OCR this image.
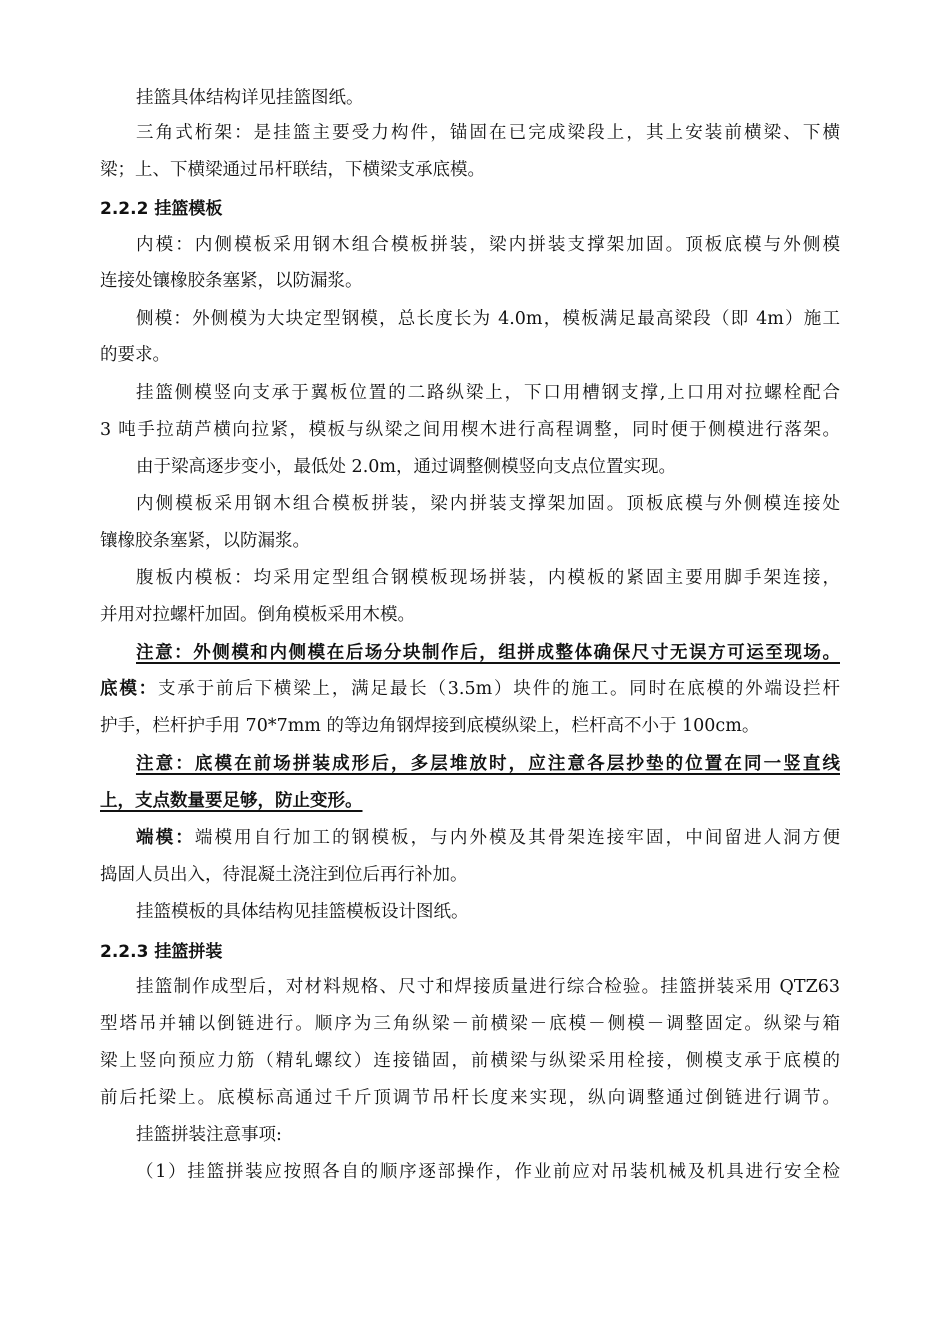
挂篮具体结构详见挂篮图纸。
三角式桁架：是挂篮主要受力构件，锚固在已完成梁段上，其上安装前横梁、下横
梁；上、下横梁通过吊杆联结，下横梁支承底模。
2.2.2 挂篮模板
内模：内侧模板采用钢木组合模板拼装，梁内拼装支撑架加固。顶板底模与外侧模
连接处镶橡胶条塞紧，以防漏浆。
侧模：外侧模为大块定型钢模，总长度长为 4.0m，模板满足最高梁段（即 4m）施工
的要求。
挂篮侧模竖向支承于翼板位置的二路纵梁上，下口用槽钢支撑,上口用对拉螺栓配合
3 吨手拉葫芦横向拉紧，模板与纵梁之间用楔木进行高程调整，同时便于侧模进行落架。
由于梁高逐步变小，最低处 2.0m，通过调整侧模竖向支点位置实现。
内侧模板采用钢木组合模板拼装，梁内拼装支撑架加固。顶板底模与外侧模连接处
镶橡胶条塞紧，以防漏浆。
腹板内模板：均采用定型组合钢模板现场拼装，内模板的紧固主要用脚手架连接，
并用对拉螺杆加固。倒角模板采用木模。
注意：外侧模和内侧模在后场分块制作后，组拼成整体确保尺寸无误方可运至现场。
底模：支承于前后下横梁上，满足最长（3.5m）块件的施工。同时在底模的外端设拦杆
护手，栏杆护手用 70*7mm 的等边角钢焊接到底模纵梁上，栏杆高不小于 100cm。
注意：底模在前场拼装成形后，多层堆放时，应注意各层抄垫的位置在同一竖直线
上，支点数量要足够，防止变形。
端模：端模用自行加工的钢模板，与内外模及其骨架连接牢固，中间留进人洞方便
捣固人员出入，待混凝土浇注到位后再行补加。
挂篮模板的具体结构见挂篮模板设计图纸。
2.2.3 挂篮拼装
挂篮制作成型后，对材料规格、尺寸和焊接质量进行综合检验。挂篮拼装采用 QTZ63
型塔吊并辅以倒链进行。顺序为三角纵梁－前横梁－底模－侧模－调整固定。纵梁与箱
梁上竖向预应力筋（精轧螺纹）连接锚固，前横梁与纵梁采用栓接，侧模支承于底模的
前后托梁上。底模标高通过千斤顶调节吊杆长度来实现，纵向调整通过倒链进行调节。
挂篮拼装注意事项:
（1）挂篮拼装应按照各自的顺序逐部操作，作业前应对吊装机械及机具进行安全检
